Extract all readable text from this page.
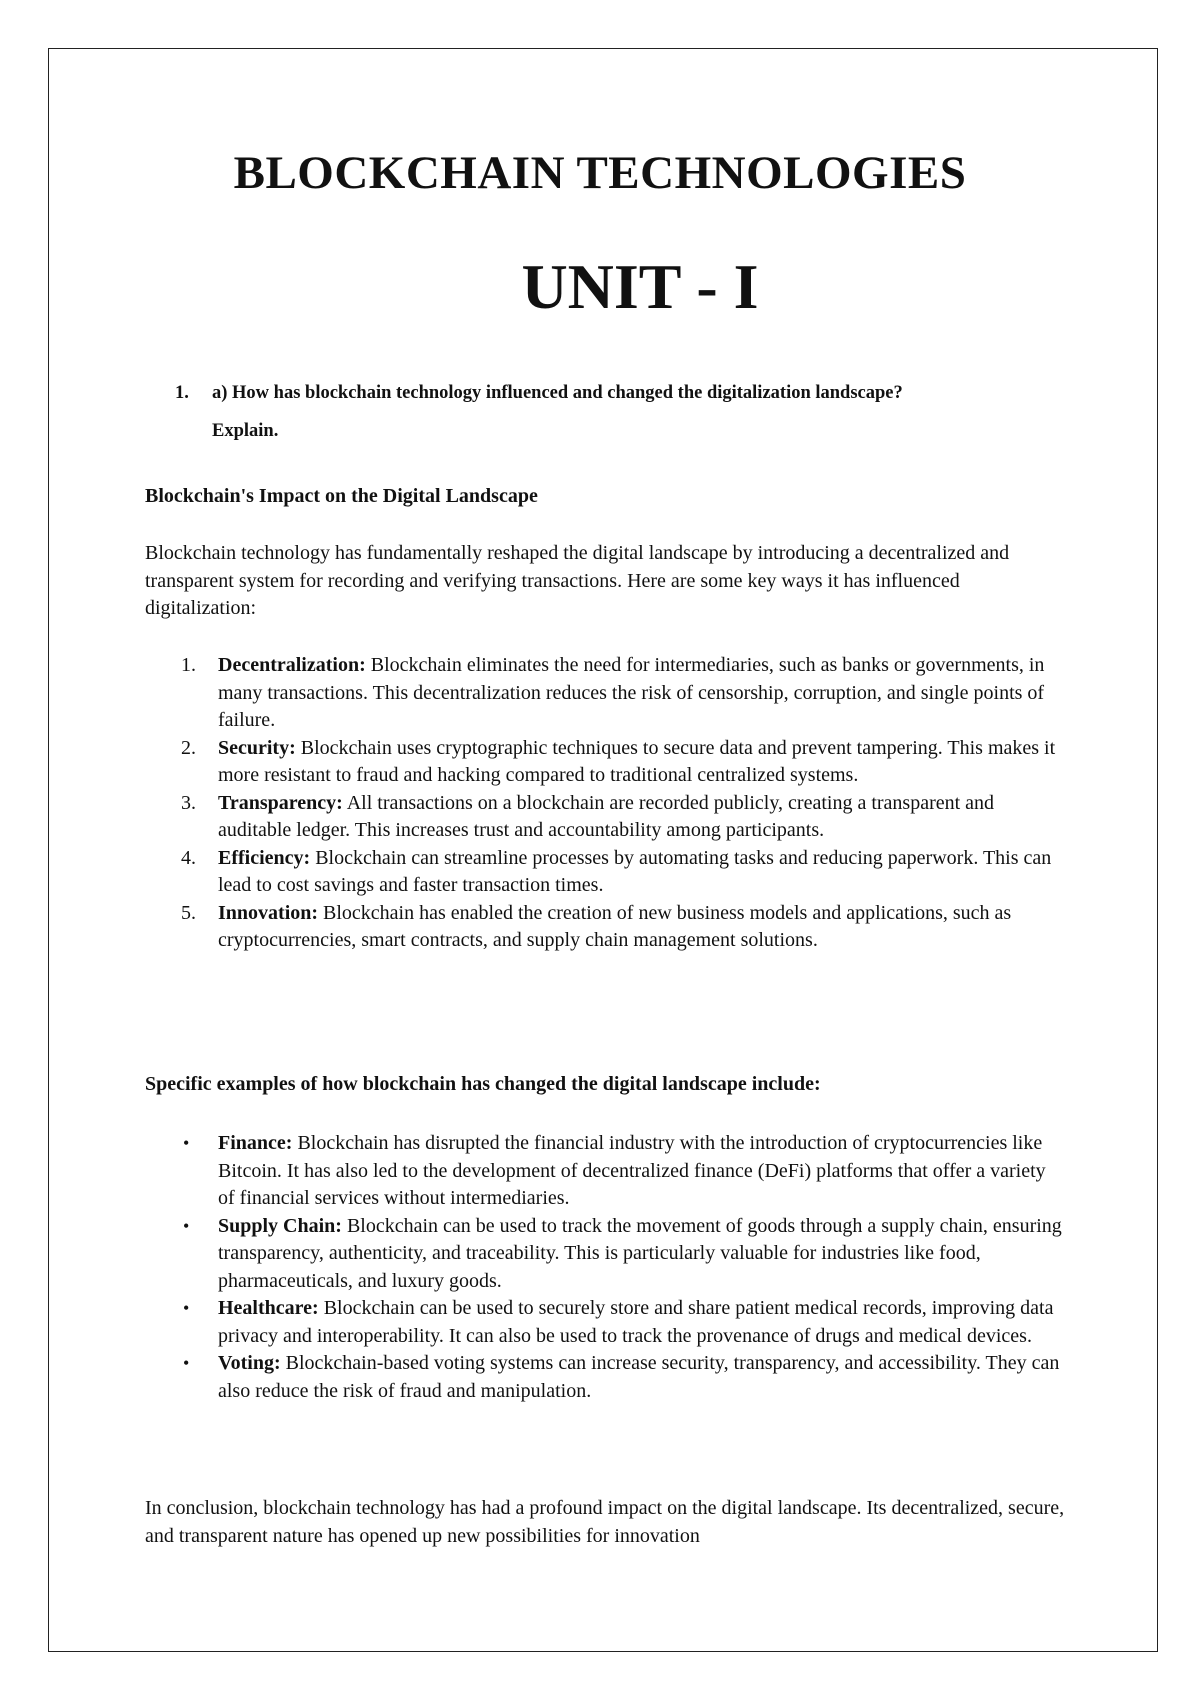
BLOCKCHAIN TECHNOLOGIES
UNIT - I
1. a) How has blockchain technology influenced and changed the digitalization landscape?
Explain.
Blockchain's Impact on the Digital Landscape

Blockchain technology has fundamentally reshaped the digital landscape by introducing a decentralized and transparent system for recording and verifying transactions. Here are some key ways it has influenced digitalization:

1. Decentralization: Blockchain eliminates the need for intermediaries, such as banks or governments, in many transactions. This decentralization reduces the risk of censorship, corruption, and single points of failure.
2. Security: Blockchain uses cryptographic techniques to secure data and prevent tampering. This makes it more resistant to fraud and hacking compared to traditional centralized systems.
3. Transparency: All transactions on a blockchain are recorded publicly, creating a transparent and auditable ledger. This increases trust and accountability among participants.
4. Efficiency: Blockchain can streamline processes by automating tasks and reducing paperwork. This can lead to cost savings and faster transaction times.
5. Innovation: Blockchain has enabled the creation of new business models and applications, such as cryptocurrencies, smart contracts, and supply chain management solutions.
Specific examples of how blockchain has changed the digital landscape include:
• Finance: Blockchain has disrupted the financial industry with the introduction of cryptocurrencies like Bitcoin. It has also led to the development of decentralized finance (DeFi) platforms that offer a variety of financial services without intermediaries.
• Supply Chain: Blockchain can be used to track the movement of goods through a supply chain, ensuring transparency, authenticity, and traceability. This is particularly valuable for industries like food, pharmaceuticals, and luxury goods.
• Healthcare: Blockchain can be used to securely store and share patient medical records, improving data privacy and interoperability. It can also be used to track the provenance of drugs and medical devices.
• Voting: Blockchain-based voting systems can increase security, transparency, and accessibility. They can also reduce the risk of fraud and manipulation.

In conclusion, blockchain technology has had a profound impact on the digital landscape. Its decentralized, secure, and transparent nature has opened up new possibilities for innovation
